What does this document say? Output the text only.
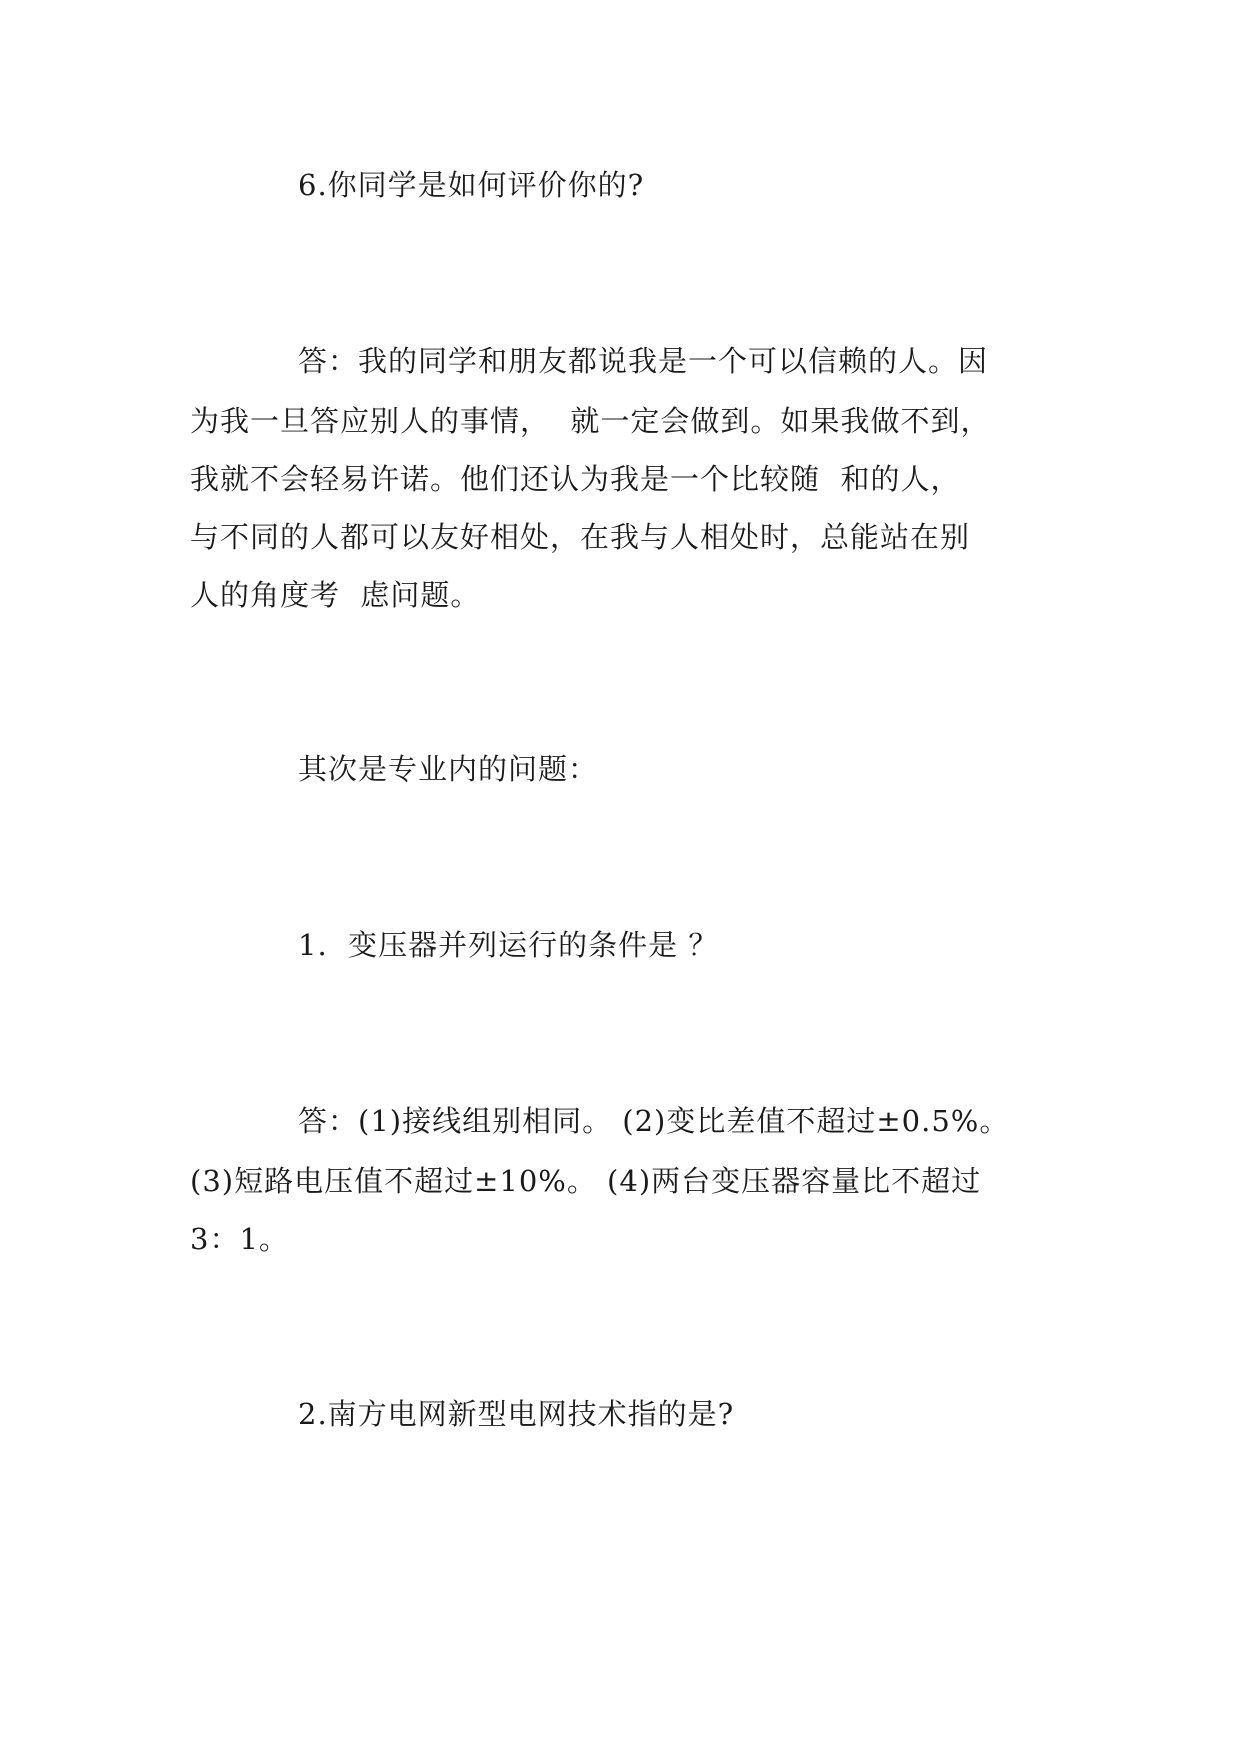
6.你同学是如何评价你的?
答：我的同学和朋友都说我是一个可以信赖的人。因
为我一旦答应别人的事情，  就一定会做到。如果我做不到，
我就不会轻易许诺。他们还认为我是一个比较随  和的人，
与不同的人都可以友好相处，在我与人相处时，总能站在别
人的角度考  虑问题。
其次是专业内的问题：
1.  变压器并列运行的条件是 ？
答：(1)接线组别相同。 (2)变比差值不超过±0.5%。
(3)短路电压值不超过±10%。 (4)两台变压器容量比不超过
3：1。
2.南方电网新型电网技术指的是?
